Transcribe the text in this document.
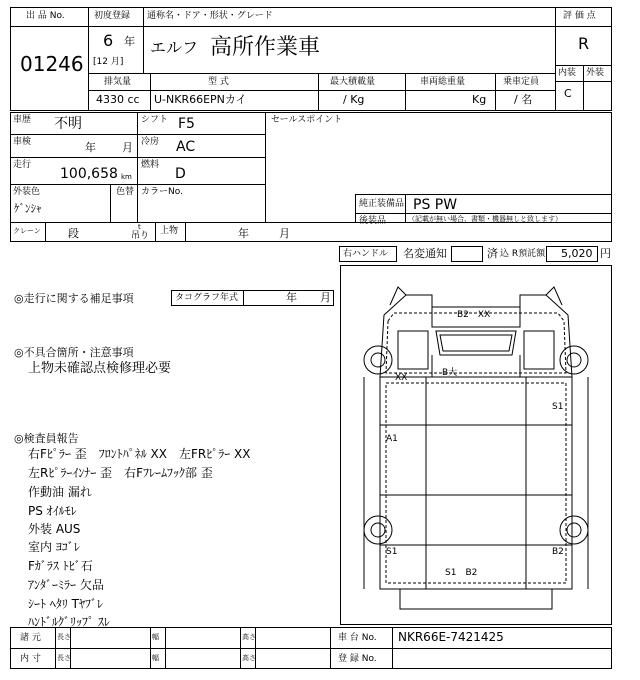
出 品 No.
01246
初度登録
6 年
[12 月]
通称名・ドア・形状・グレード
エルフ 高所作業車
評 価 点
R
内装 外装
C
排気量	型 式	最大積載量	車両総重量	乗車定員
4330 cc U-NKR66EPNカイ	/ Kg	Kg	/ 名
車歴 不明	シフト F5
車検	年 月 冷房 AC
走行
100,658 km
燃料
D
外装色
ｹﾞﾝｼｬ
色替 カラーNo.
セールスポイント
純正装備品 PS PW
後装品	（記載が無い場合、書類・機器無しと致します）
クレーン 段	t
吊り 上物	年	月
右ハンドル 名変通知	済 込 R預託額 5,020 円
◎走行に関する補足事項	タコグラフ年式	年 月
◎不具合箇所・注意事項
上物未確認点検修理必要
◎検査員報告
右Fﾋﾟﾗｰ 歪　ﾌﾛﾝﾄﾊﾟﾈﾙ XX　左FRﾋﾟﾗｰ XX
左Rﾋﾟﾗｰｲﾝﾅｰ 歪　右Fﾌﾚｰﾑﾌｯｸ部 歪
作動油 漏れ
PS ｵｲﾙﾓﾚ
外装 AUS
室内 ﾖｺﾞﾚ
Fｶﾞﾗｽ ﾄﾋﾞ石
ｱﾝﾀﾞｰﾐﾗｰ 欠品
ｼｰﾄ ﾍﾀﾘ Tﾔﾌﾞﾚ
ﾊﾝﾄﾞﾙｸﾞﾘｯﾌﾟ ｽﾚ
B2　XX
XX	B大
S1
A1
S1	B2
S1　B2
諸 元
内 寸
長さ	幅	高さ
長さ	幅	高さ
車 台 No. NKR66E-7421425
登 録 No.
